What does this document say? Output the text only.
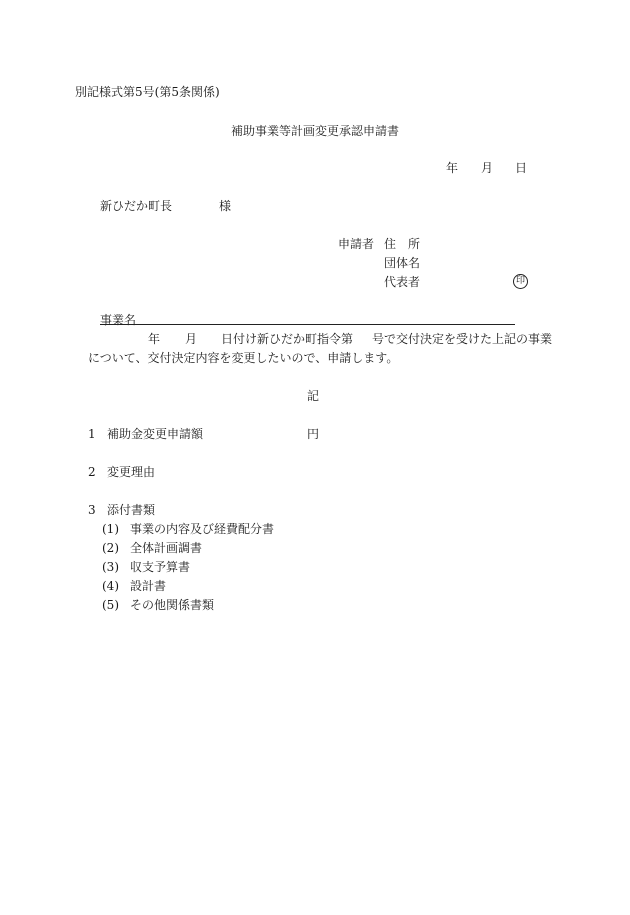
別記様式第5号(第5条関係)
補助事業等計画変更承認申請書
年 月 日
新ひだか町長	様
申請者 住　所
団体名
代表者	印
事業名
年 月 日付け新ひだか町指令第 号で交付決定を受けた上記の事業
について、交付決定内容を変更したいので、申請します。
記
1 補助金変更申請額	円
2 変更理由
3 添付書類
(1) 事業の内容及び経費配分書
(2) 全体計画調書
(3) 収支予算書
(4) 設計書
(5) その他関係書類
